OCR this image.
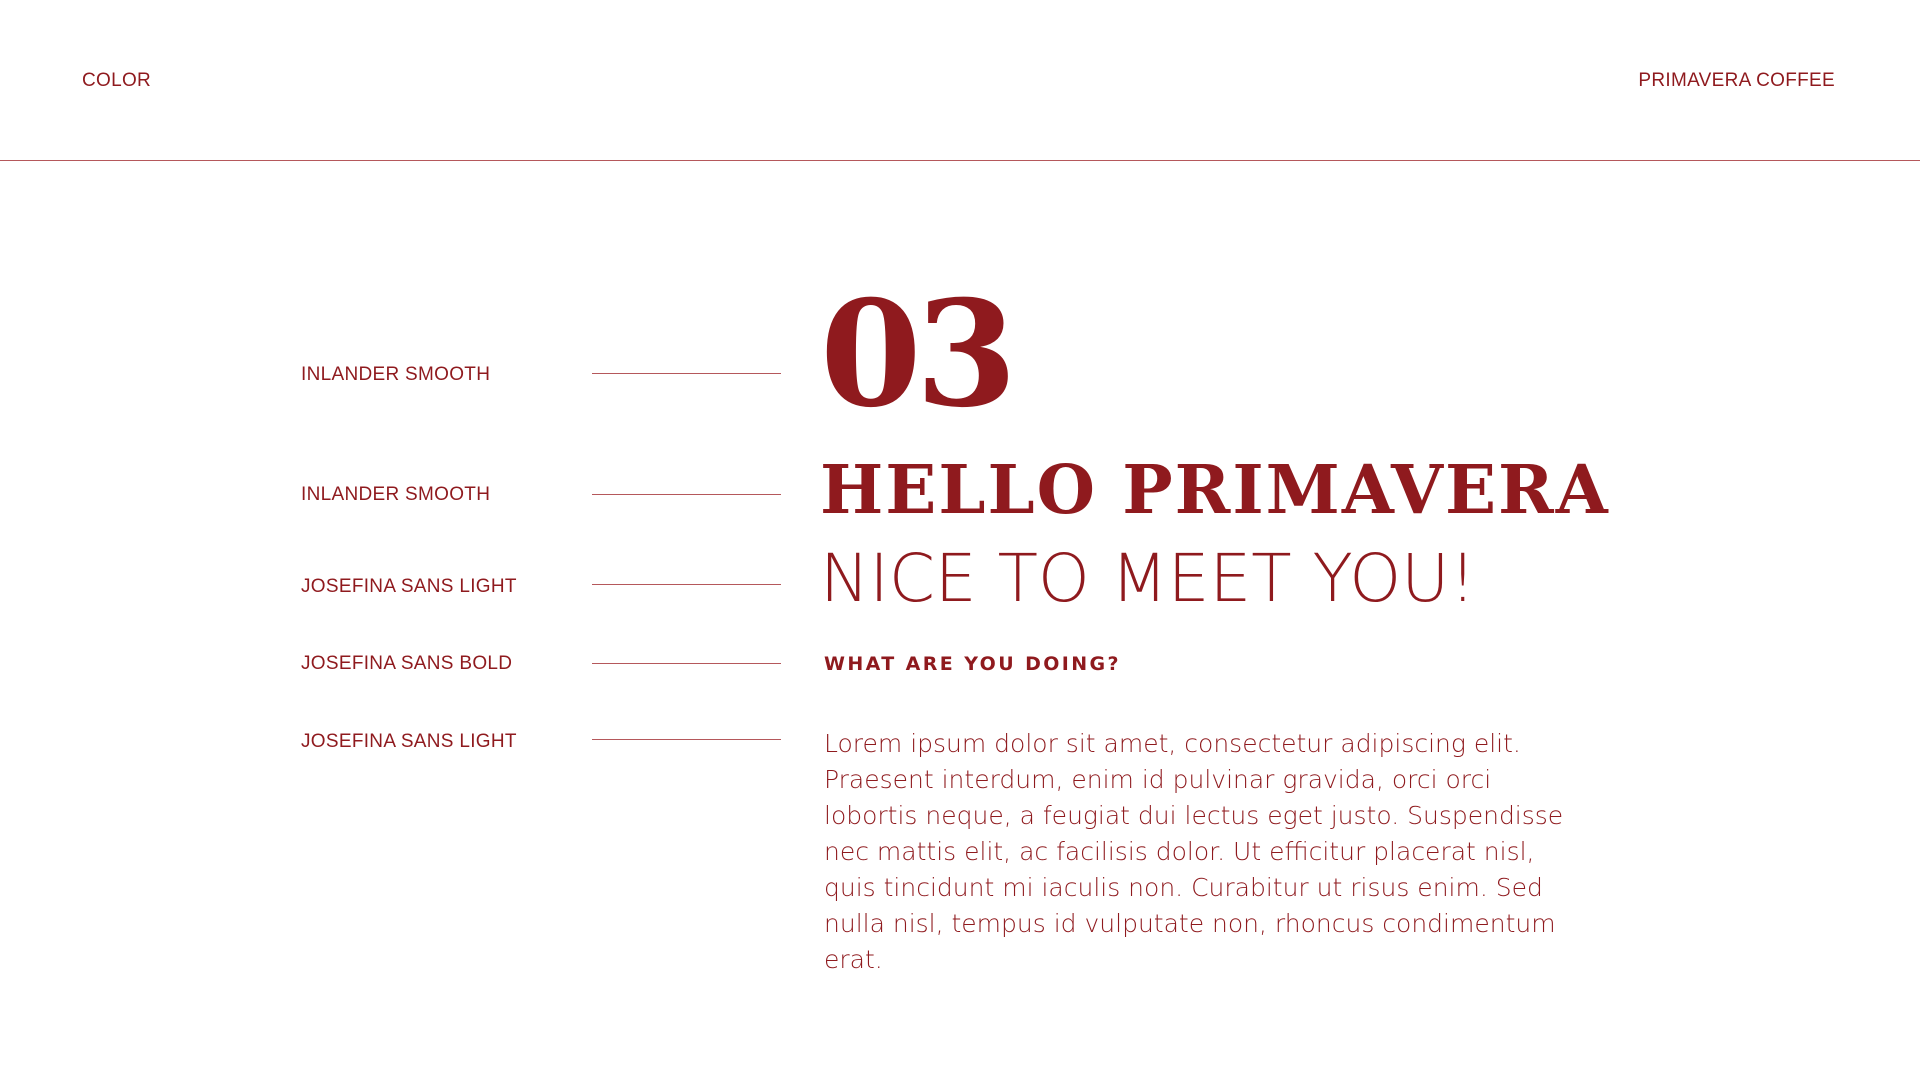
COLOR	PRIMAVERA COFFEE
INLANDER SMOOTH
INLANDER SMOOTH
JOSEFINA SANS LIGHT
JOSEFINA SANS BOLD
JOSEFINA SANS LIGHT
03
HELLO PRIMAVERA
NICE TO MEET YOU!
WHAT ARE YOU DOING?
Lorem ipsum dolor sit amet, consectetur adipiscing elit. Praesent interdum, enim id pulvinar gravida, orci orci lobortis neque, a feugiat dui lectus eget justo. Suspendisse nec mattis elit, ac facilisis dolor. Ut efficitur placerat nisl, quis tincidunt mi iaculis non. Curabitur ut risus enim. Sed nulla nisl, tempus id vulputate non, rhoncus condimentum erat.
